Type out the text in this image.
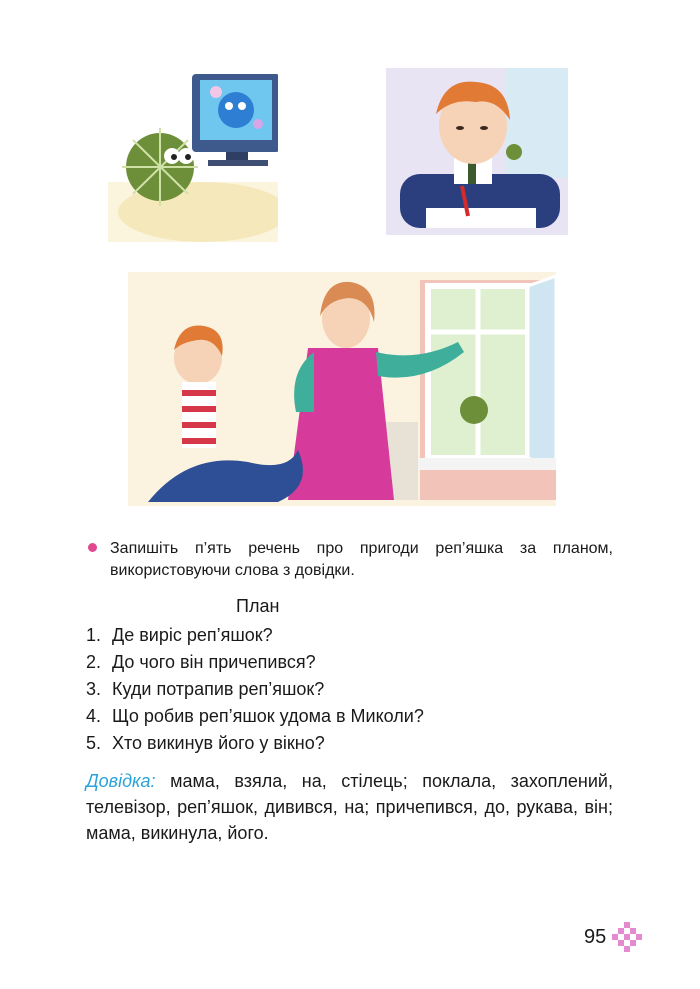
Запишіть п’ять речень про пригоди реп’яшка за планом, використовуючи слова з довідки.
План
1. Де виріс реп’яшок?
2. До чого він причепився?
3. Куди потрапив реп’яшок?
4. Що робив реп’яшок удома в Миколи?
5. Хто викинув його у вікно?
Довідка: мама, взяла, на, стілець; поклала, захоплений, телевізор, реп’яшок, дивився, на; причепився, до, рукава, він; мама, викинула, його.
95
